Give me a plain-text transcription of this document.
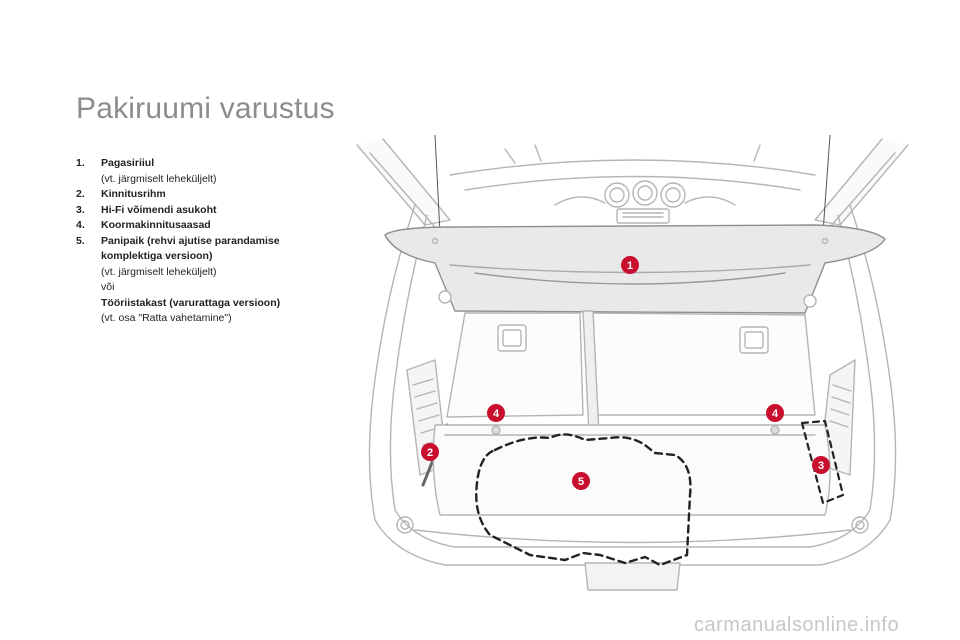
Pakiruumi varustus
1.	Pagasiriiul
(vt. järgmiselt leheküljelt)
2.	Kinnitusrihm
3.	Hi-Fi võimendi asukoht
4.	Koormakinnitusaasad
5.	Panipaik (rehvi ajutise parandamise komplektiga versioon)
(vt. järgmiselt leheküljelt)
või
Tööriistakast (varurattaga versioon)
(vt. osa "Ratta vahetamine")
1
2
3
4	4
5
carmanualsonline.info
